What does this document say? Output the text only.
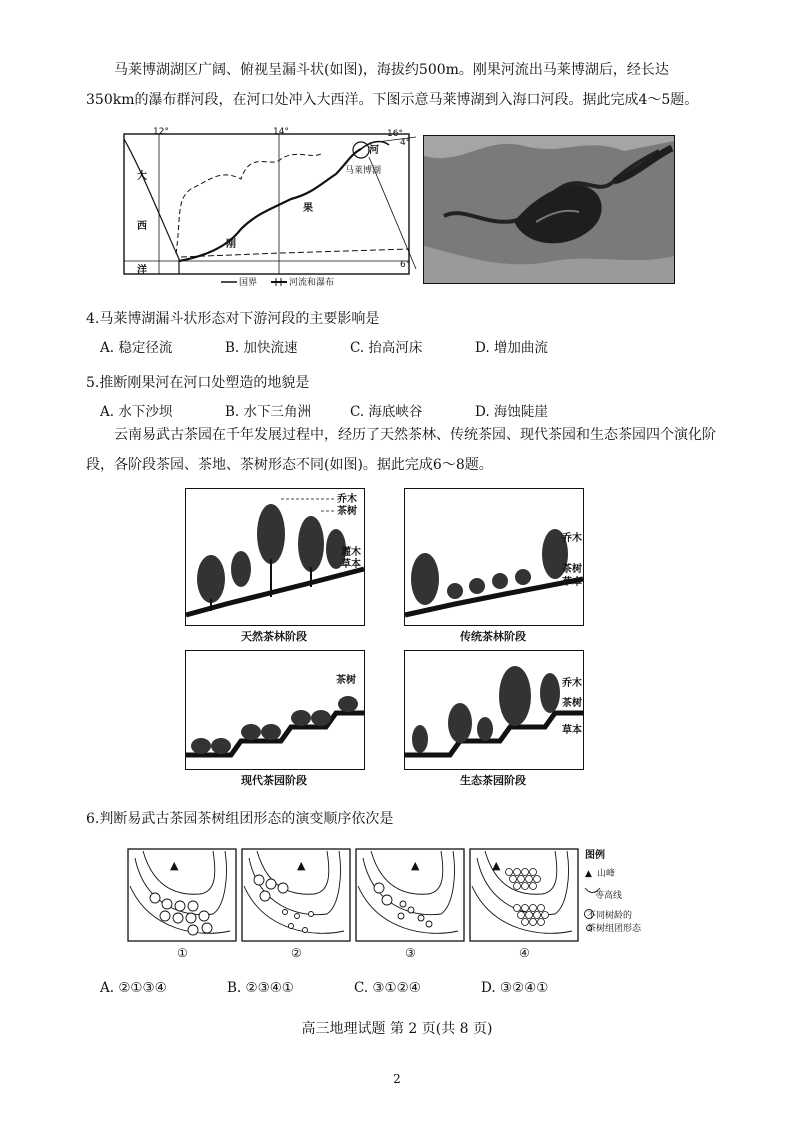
马莱博湖湖区广阔、俯视呈漏斗状(如图)，海拔约500m。刚果河流出马莱博湖后，经长达350km的瀑布群河段，在河口处冲入大西洋。下图示意马莱博湖到入海口河段。据此完成4～5题。

12°	14°	16°
4°
6°
大
西
洋
河
果
刚
马莱博湖
国界	河流和瀑布

4.马莱博湖漏斗状形态对下游河段的主要影响是

A. 稳定径流	B. 加快流速	C. 抬高河床	D. 增加曲流

5.推断刚果河在河口处塑造的地貌是

A. 水下沙坝	B. 水下三角洲	C. 海底峡谷	D. 海蚀陡崖

云南易武古茶园在千年发展过程中，经历了天然茶林、传统茶园、现代茶园和生态茶园四个演化阶段，各阶段茶园、茶地、茶树形态不同(如图)。据此完成6～8题。

乔木
茶树
灌木
草本
天然茶林阶段
乔木
茶树
草本
传统茶林阶段
茶树
现代茶园阶段
乔木
茶树
草本
生态茶园阶段

6.判断易武古茶园茶树组团形态的演变顺序依次是

▲	▲	▲	▲
①	②	③	④
图例
▲ 山峰
等高线
不同树龄的
茶树组团形态
A. ②①③④	B. ②③④①	C. ③①②④	D. ③②④①
高三地理试题 第 2 页(共 8 页)
2
